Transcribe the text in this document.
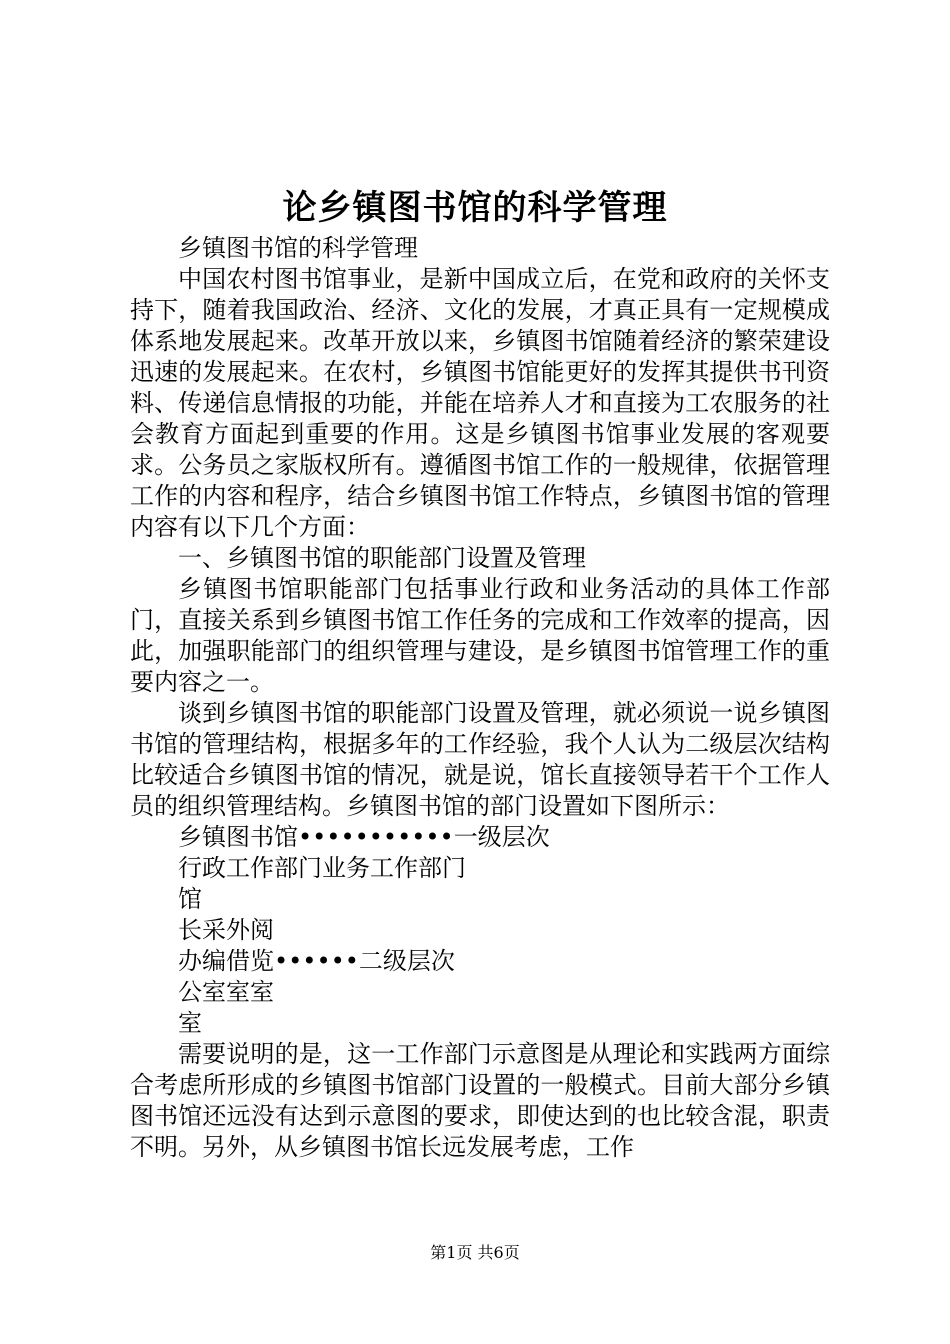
论乡镇图书馆的科学管理

乡镇图书馆的科学管理

中国农村图书馆事业，是新中国成立后，在党和政府的关怀支持下，随着我国政治、经济、文化的发展，才真正具有一定规模成体系地发展起来。改革开放以来，乡镇图书馆随着经济的繁荣建设迅速的发展起来。在农村，乡镇图书馆能更好的发挥其提供书刊资料、传递信息情报的功能，并能在培养人才和直接为工农服务的社会教育方面起到重要的作用。这是乡镇图书馆事业发展的客观要求。公务员之家版权所有。遵循图书馆工作的一般规律，依据管理工作的内容和程序，结合乡镇图书馆工作特点，乡镇图书馆的管理内容有以下几个方面：

一、乡镇图书馆的职能部门设置及管理

乡镇图书馆职能部门包括事业行政和业务活动的具体工作部门，直接关系到乡镇图书馆工作任务的完成和工作效率的提高，因此，加强职能部门的组织管理与建设，是乡镇图书馆管理工作的重要内容之一。

谈到乡镇图书馆的职能部门设置及管理，就必须说一说乡镇图书馆的管理结构，根据多年的工作经验，我个人认为二级层次结构比较适合乡镇图书馆的情况，就是说，馆长直接领导若干个工作人员的组织管理结构。乡镇图书馆的部门设置如下图所示：

乡镇图书馆•••••••••••一级层次

行政工作部门业务工作部门

馆

长采外阅

办编借览••••••二级层次

公室室室

室

需要说明的是，这一工作部门示意图是从理论和实践两方面综合考虑所形成的乡镇图书馆部门设置的一般模式。目前大部分乡镇图书馆还远没有达到示意图的要求，即使达到的也比较含混，职责不明。另外，从乡镇图书馆长远发展考虑，工作

第1页 共6页
